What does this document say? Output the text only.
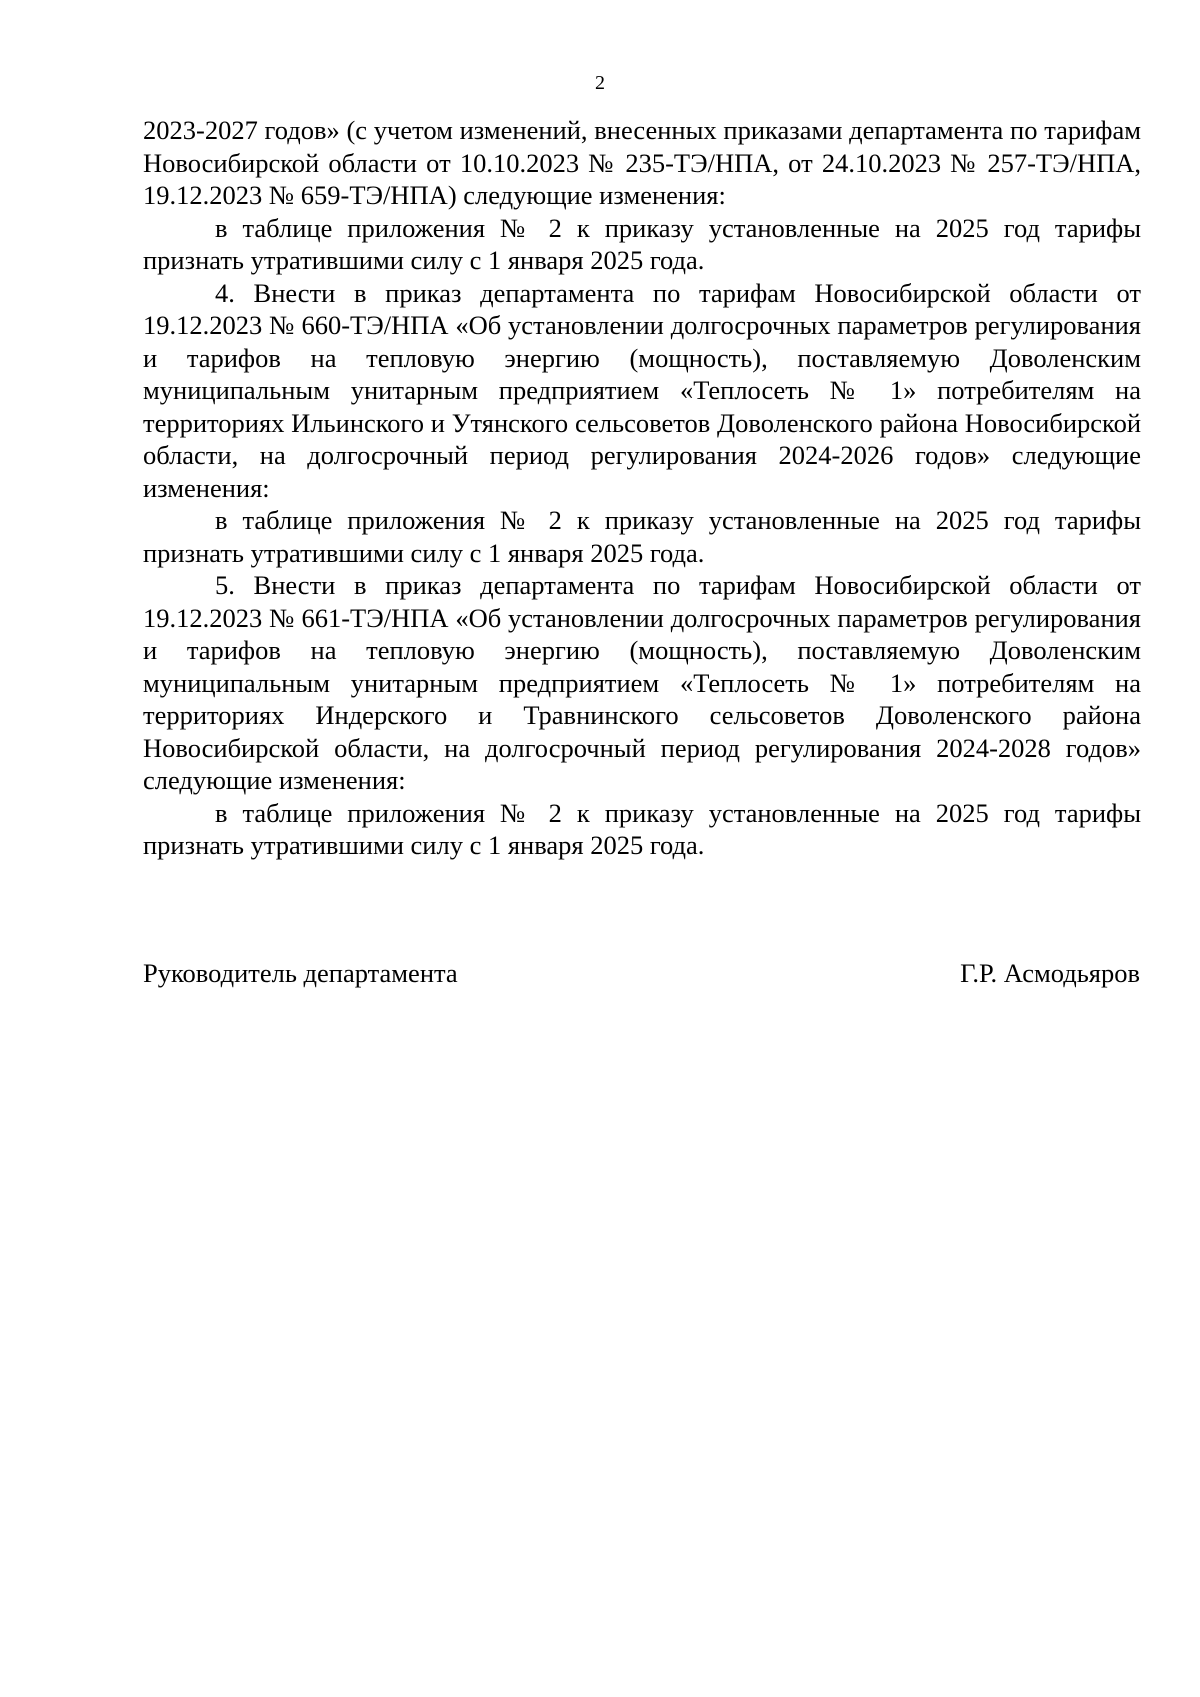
2

2023-2027 годов» (с учетом изменений, внесенных приказами департамента по тарифам Новосибирской области от 10.10.2023 № 235-ТЭ/НПА, от 24.10.2023 № 257-ТЭ/НПА, 19.12.2023 № 659-ТЭ/НПА) следующие изменения:

в таблице приложения № 2 к приказу установленные на 2025 год тарифы признать утратившими силу с 1 января 2025 года.

4. Внести в приказ департамента по тарифам Новосибирской области от 19.12.2023 № 660-ТЭ/НПА «Об установлении долгосрочных параметров регулирования и тарифов на тепловую энергию (мощность), поставляемую Доволенским муниципальным унитарным предприятием «Теплосеть № 1» потребителям на территориях Ильинского и Утянского сельсоветов Доволенского района Новосибирской области, на долгосрочный период регулирования 2024-2026 годов» следующие изменения:

в таблице приложения № 2 к приказу установленные на 2025 год тарифы признать утратившими силу с 1 января 2025 года.

5. Внести в приказ департамента по тарифам Новосибирской области от 19.12.2023 № 661-ТЭ/НПА «Об установлении долгосрочных параметров регулирования и тарифов на тепловую энергию (мощность), поставляемую Доволенским муниципальным унитарным предприятием «Теплосеть № 1» потребителям на территориях Индерского и Травнинского сельсоветов Доволенского района Новосибирской области, на долгосрочный период регулирования 2024-2028 годов» следующие изменения:

в таблице приложения № 2 к приказу установленные на 2025 год тарифы признать утратившими силу с 1 января 2025 года.

Руководитель департамента	Г.Р. Асмодьяров
